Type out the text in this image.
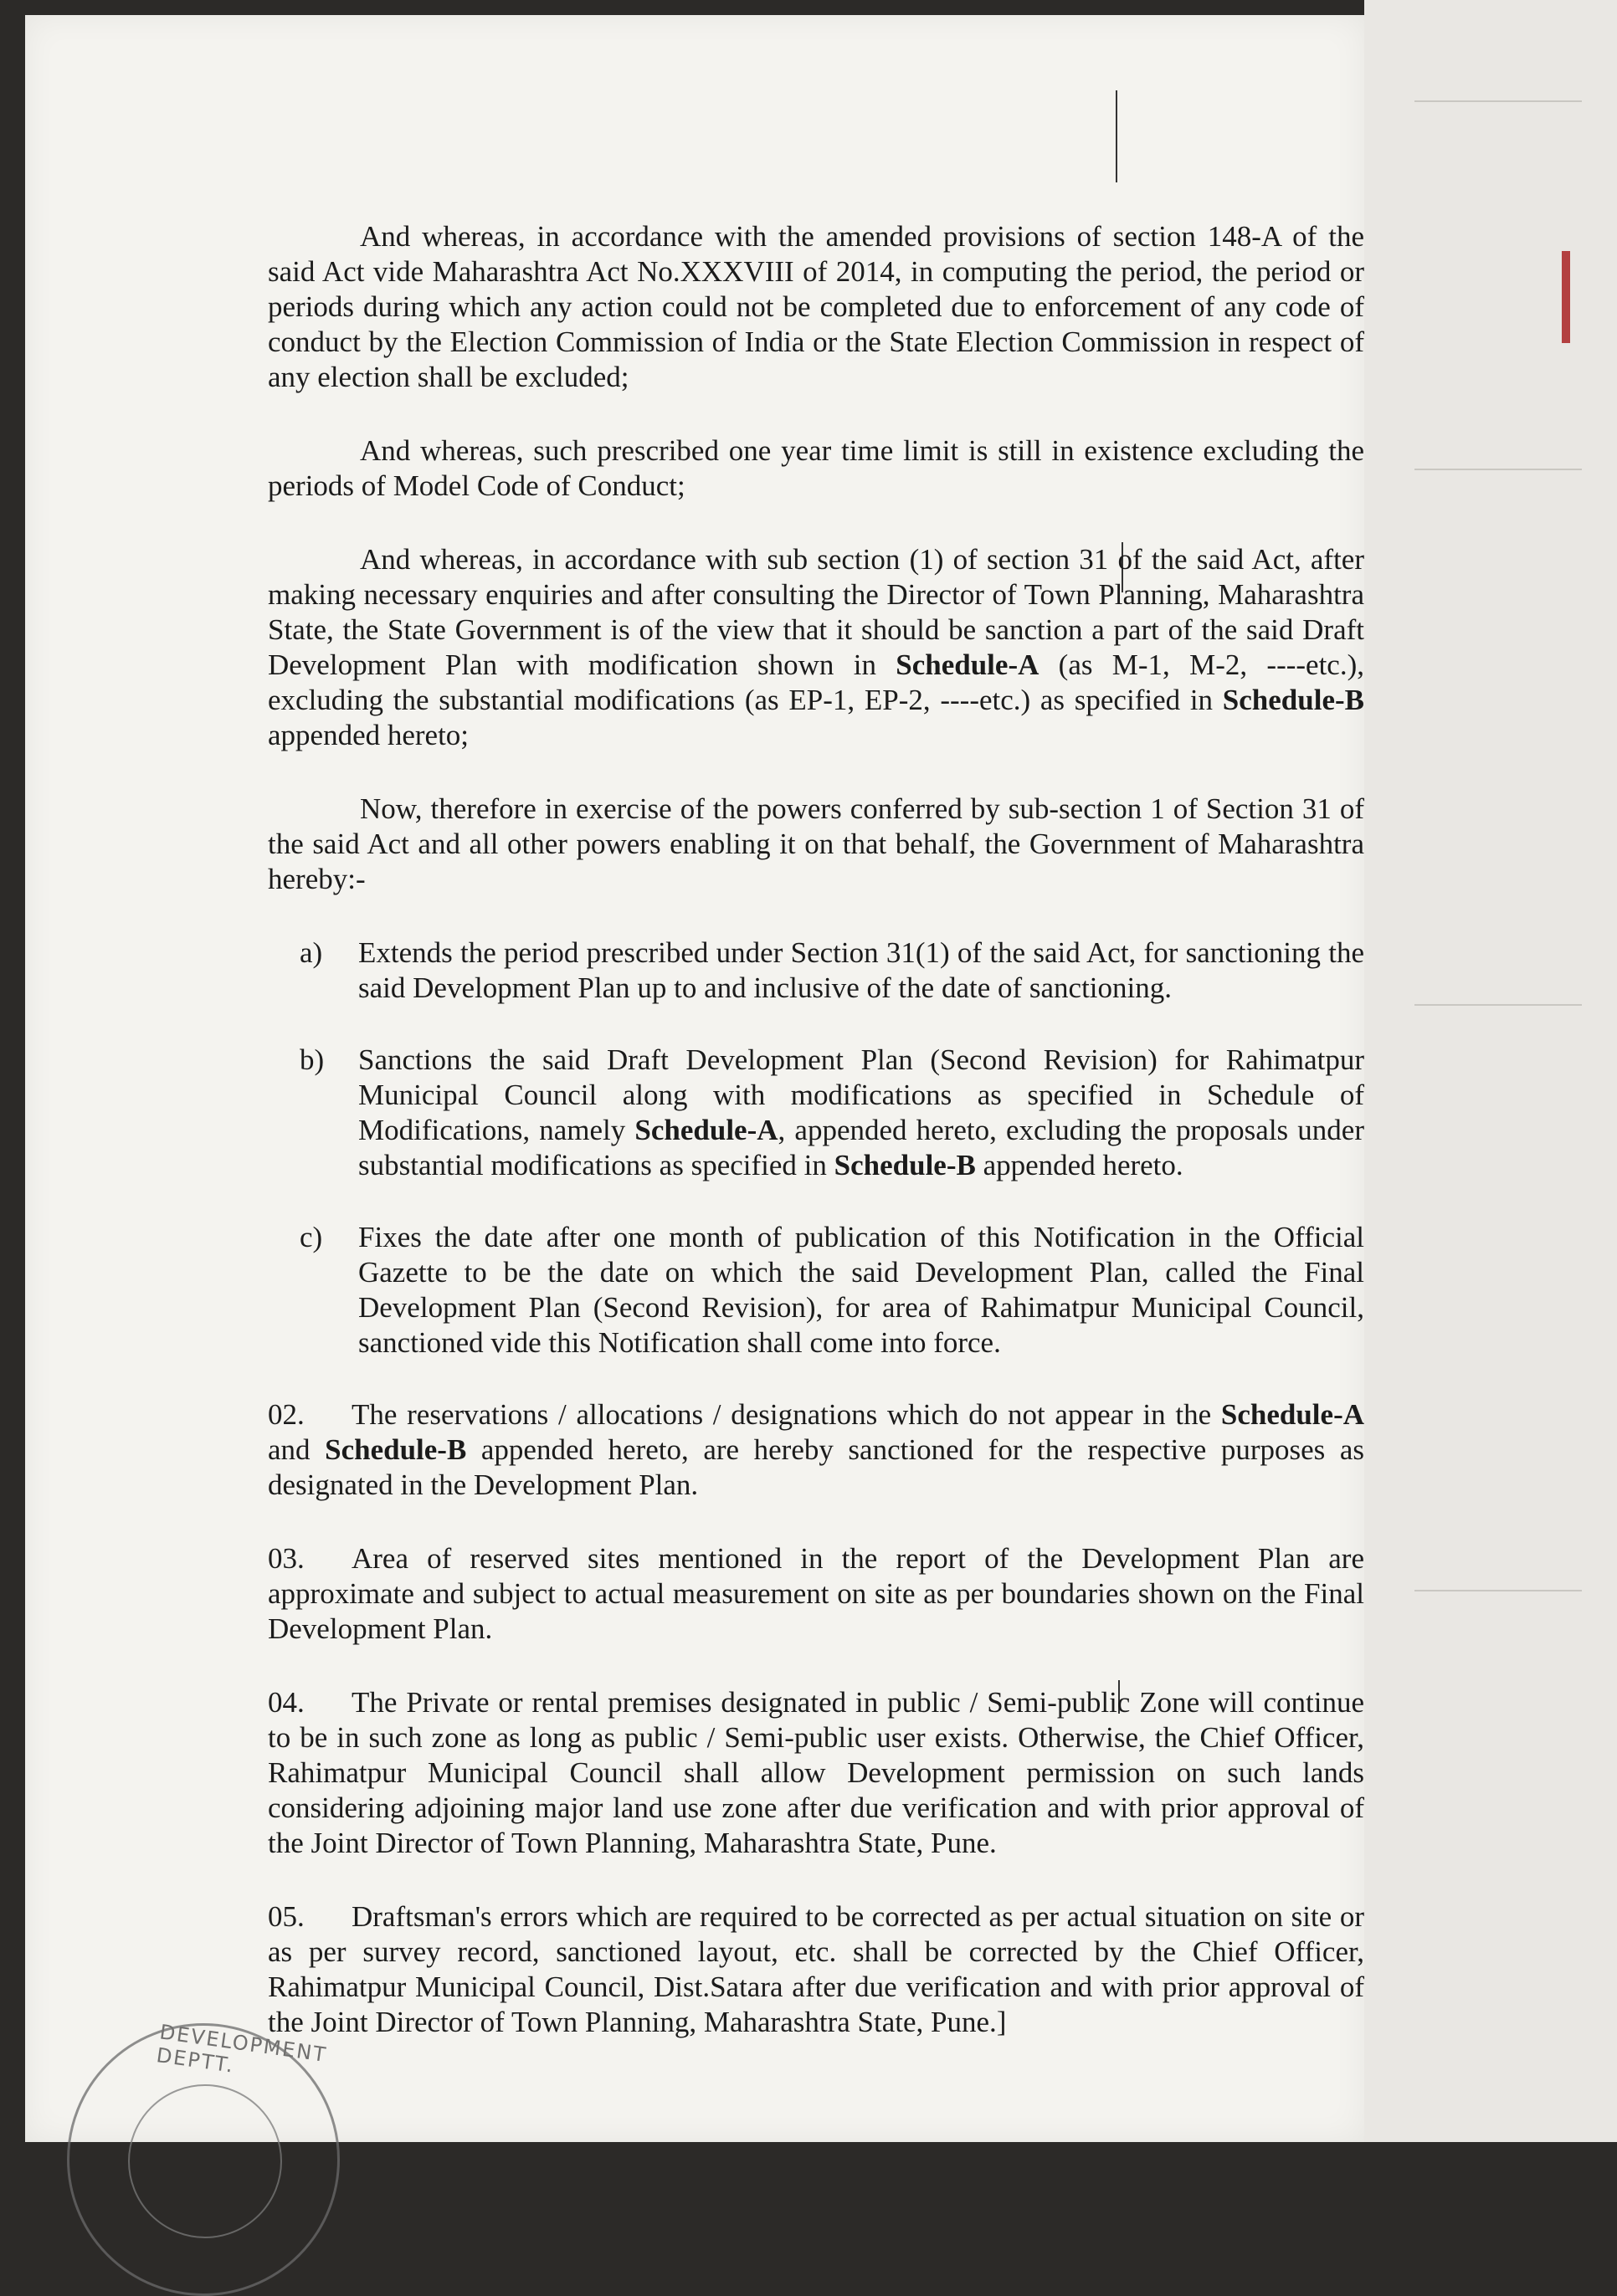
DEVELOPMENT DEPTT.

And whereas, in accordance with the amended provisions of section 148-A of the said Act vide Maharashtra Act No.XXXVIII of 2014, in computing the period, the period or periods during which any action could not be completed due to enforcement of any code of conduct by the Election Commission of India or the State Election Commission in respect of any election shall be excluded;

And whereas, such prescribed one year time limit is still in existence excluding the periods of Model Code of Conduct;

And whereas, in accordance with sub section (1) of section 31 of the said Act, after making necessary enquiries and after consulting the Director of Town Planning, Maharashtra State, the State Government is of the view that it should be sanction a part of the said Draft Development Plan with modification shown in Schedule-A (as M-1, M-2, ----etc.), excluding the substantial modifications (as EP-1, EP-2, ----etc.) as specified in Schedule-B appended hereto;

Now, therefore in exercise of the powers conferred by sub-section 1 of Section 31 of the said Act and all other powers enabling it on that behalf, the Government of Maharashtra hereby:-

a)	Extends the period prescribed under Section 31(1) of the said Act, for sanctioning the said Development Plan up to and inclusive of the date of sanctioning.
b)	Sanctions the said Draft Development Plan (Second Revision) for Rahimatpur Municipal Council along with modifications as specified in Schedule of Modifications, namely Schedule-A, appended hereto, excluding the proposals under substantial modifications as specified in Schedule-B appended hereto.
c)	Fixes the date after one month of publication of this Notification in the Official Gazette to be the date on which the said Development Plan, called the Final Development Plan (Second Revision), for area of Rahimatpur Municipal Council, sanctioned vide this Notification shall come into force.

02. The reservations / allocations / designations which do not appear in the Schedule-A and Schedule-B appended hereto, are hereby sanctioned for the respective purposes as designated in the Development Plan.

03. Area of reserved sites mentioned in the report of the Development Plan are approximate and subject to actual measurement on site as per boundaries shown on the Final Development Plan.

04. The Private or rental premises designated in public / Semi-public Zone will continue to be in such zone as long as public / Semi-public user exists. Otherwise, the Chief Officer, Rahimatpur Municipal Council shall allow Development permission on such lands considering adjoining major land use zone after due verification and with prior approval of the Joint Director of Town Planning, Maharashtra State, Pune.

05. Draftsman's errors which are required to be corrected as per actual situation on site or as per survey record, sanctioned layout, etc. shall be corrected by the Chief Officer, Rahimatpur Municipal Council, Dist.Satara after due verification and with prior approval of the Joint Director of Town Planning, Maharashtra State, Pune.]
